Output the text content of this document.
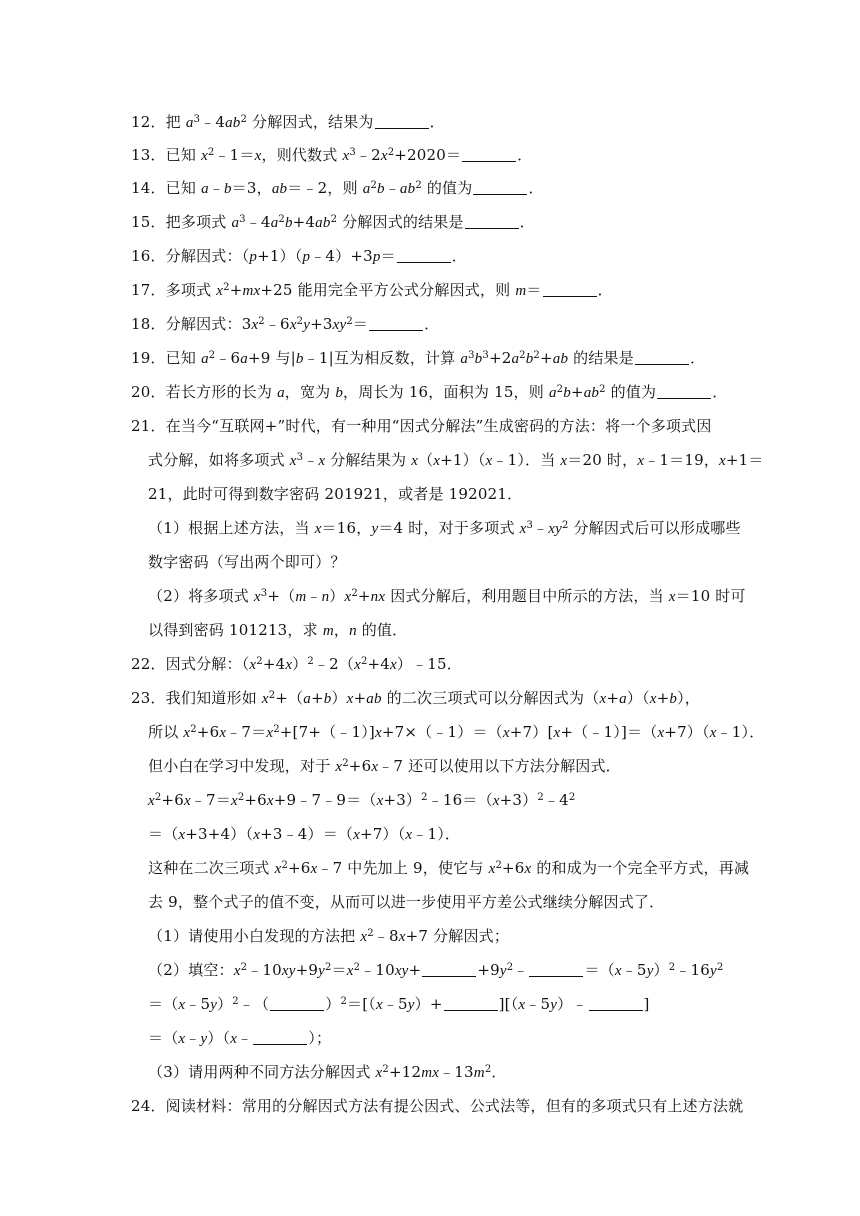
12．把 $a^3﹣4ab^2$ 分解因式，结果为	．
13．已知 $x^2﹣1=x$，则代数式 $x^3﹣2x^2+2020=$	．
14．已知 a﹣b＝3，ab＝﹣2，则 $a^2b﹣ab^2$ 的值为	．
15．把多项式 $a^3﹣4a^2b+4ab^2$ 分解因式的结果是	．
16．分解因式：（p+1）（p﹣4）+3p＝	．
17．多项式 $x^2+mx+25$ 能用完全平方公式分解因式，则 m＝	．
18．分解因式：$3x^2﹣6x^2y+3xy^2=$	．
19．已知 $a^2﹣6a+9$ 与|b﹣1|互为相反数，计算 $a^3b^3+2a^2b^2+ab$ 的结果是	．
20．若长方形的长为 a，宽为 b，周长为 16，面积为 15，则 $a^2b+ab^2$ 的值为	．
21．在当今“互联网+”时代，有一种用“因式分解法”生成密码的方法：将一个多项式因
式分解，如将多项式 $x^3﹣x$ 分解结果为 x（x+1）（x﹣1）．当 x＝20 时，x﹣1＝19，x+1＝
21，此时可得到数字密码 201921，或者是 192021．
（1）根据上述方法，当 x＝16，y＝4 时，对于多项式 $x^3﹣xy^2$ 分解因式后可以形成哪些
数字密码（写出两个即可）？
（2）将多项式 $x^3+(m﹣n)x^2+nx$ 因式分解后，利用题目中所示的方法，当 x＝10 时可
以得到密码 101213，求 m，n 的值．
22．因式分解：$(x^2+4x)^2﹣2(x^2+4x)﹣15$．
23．我们知道形如 $x^2+(a+b)x+ab$ 的二次三项式可以分解因式为（x+a）（x+b），
所以 $x^2+6x﹣7=x^2+[7+(﹣1)]x+7\times(﹣1)=(x+7)[x+(﹣1)]=(x+7)(x﹣1)$．
但小白在学习中发现，对于 $x^2+6x﹣7$ 还可以使用以下方法分解因式．
$x^2+6x﹣7=x^2+6x+9﹣7﹣9=(x+3)^2﹣16=(x+3)^2﹣4^2$
＝（x+3+4）（x+3﹣4）＝（x+7）（x﹣1）．
这种在二次三项式 $x^2+6x﹣7$ 中先加上 9，使它与 $x^2+6x$ 的和成为一个完全平方式，再减
去 9，整个式子的值不变，从而可以进一步使用平方差公式继续分解因式了．
（1）请使用小白发现的方法把 $x^2﹣8x+7$ 分解因式；
（2）填空：$x^2﹣10xy+9y^2=x^2﹣10xy+$	$+9y^2﹣$	$=(x﹣5y)^2﹣16y^2$
＝（x﹣5y）$^2$﹣（	）$^2$＝[（x﹣5y）+	][（x﹣5y）﹣	]
＝（x﹣y）（x﹣	）；
（3）请用两种不同方法分解因式 $x^2+12mx﹣13m^2$．
24．阅读材料：常用的分解因式方法有提公因式、公式法等，但有的多项式只有上述方法就
